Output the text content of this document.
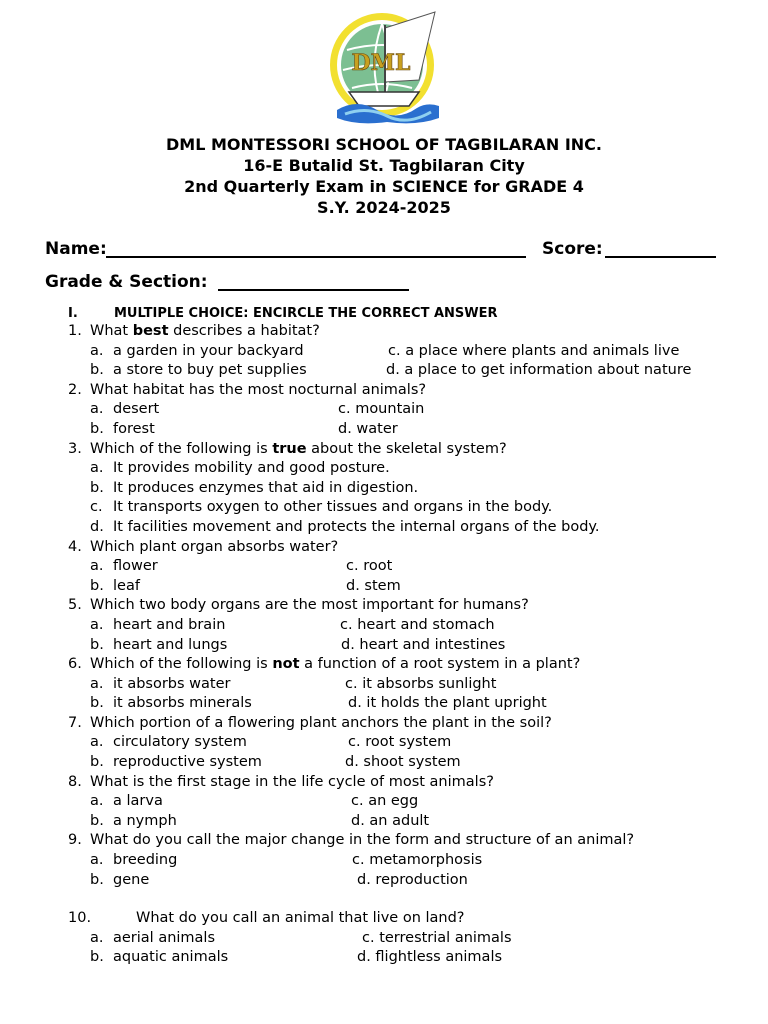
DML
DML MONTESSORI SCHOOL OF TAGBILARAN INC.
16-E Butalid St. Tagbilaran City
2nd Quarterly Exam in SCIENCE for GRADE 4
S.Y. 2024-2025
Name:	Score:
Grade & Section:
I.	MULTIPLE CHOICE: ENCIRCLE THE CORRECT ANSWER
1. What best describes a habitat?
a. a garden in your backyard	c. a place where plants and animals live
b. a store to buy pet supplies	d. a place to get information about nature
2. What habitat has the most nocturnal animals?
a. desert	c. mountain
b. forest	d. water
3. Which of the following is true about the skeletal system?
a. It provides mobility and good posture.
b. It produces enzymes that aid in digestion.
c. It transports oxygen to other tissues and organs in the body.
d. It facilities movement and protects the internal organs of the body.
4. Which plant organ absorbs water?
a. flower	c. root
b. leaf	d. stem
5. Which two body organs are the most important for humans?
a. heart and brain	c. heart and stomach
b. heart and lungs	d. heart and intestines
6. Which of the following is not a function of a root system in a plant?
a. it absorbs water	c. it absorbs sunlight
b. it absorbs minerals	d. it holds the plant upright
7. Which portion of a flowering plant anchors the plant in the soil?
a. circulatory system	c. root system
b. reproductive system	d. shoot system
8. What is the first stage in the life cycle of most animals?
a. a larva	c. an egg
b. a nymph	d. an adult
9. What do you call the major change in the form and structure of an animal?
a. breeding	c. metamorphosis
b. gene	d. reproduction
10.	What do you call an animal that live on land?
a. aerial animals	c. terrestrial animals
b. aquatic animals	d. flightless animals
